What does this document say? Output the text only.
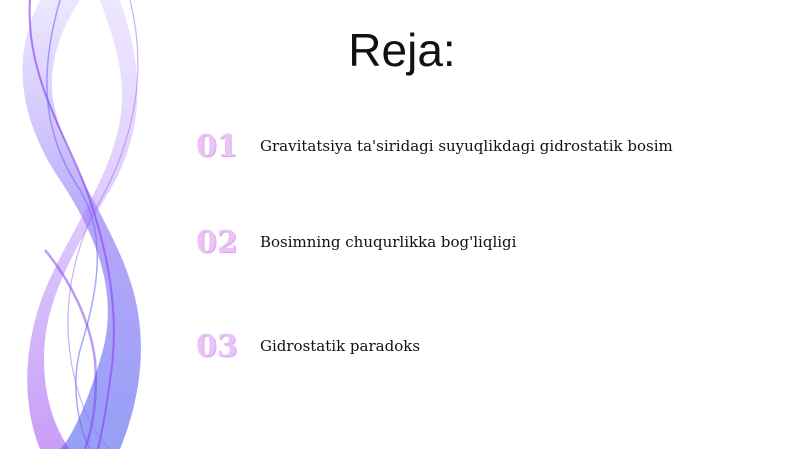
Reja:
01	Gravitatsiya ta'siridagi suyuqlikdagi gidrostatik bosim
02	Bosimning chuqurlikka bog'liqligi
03	Gidrostatik paradoks
